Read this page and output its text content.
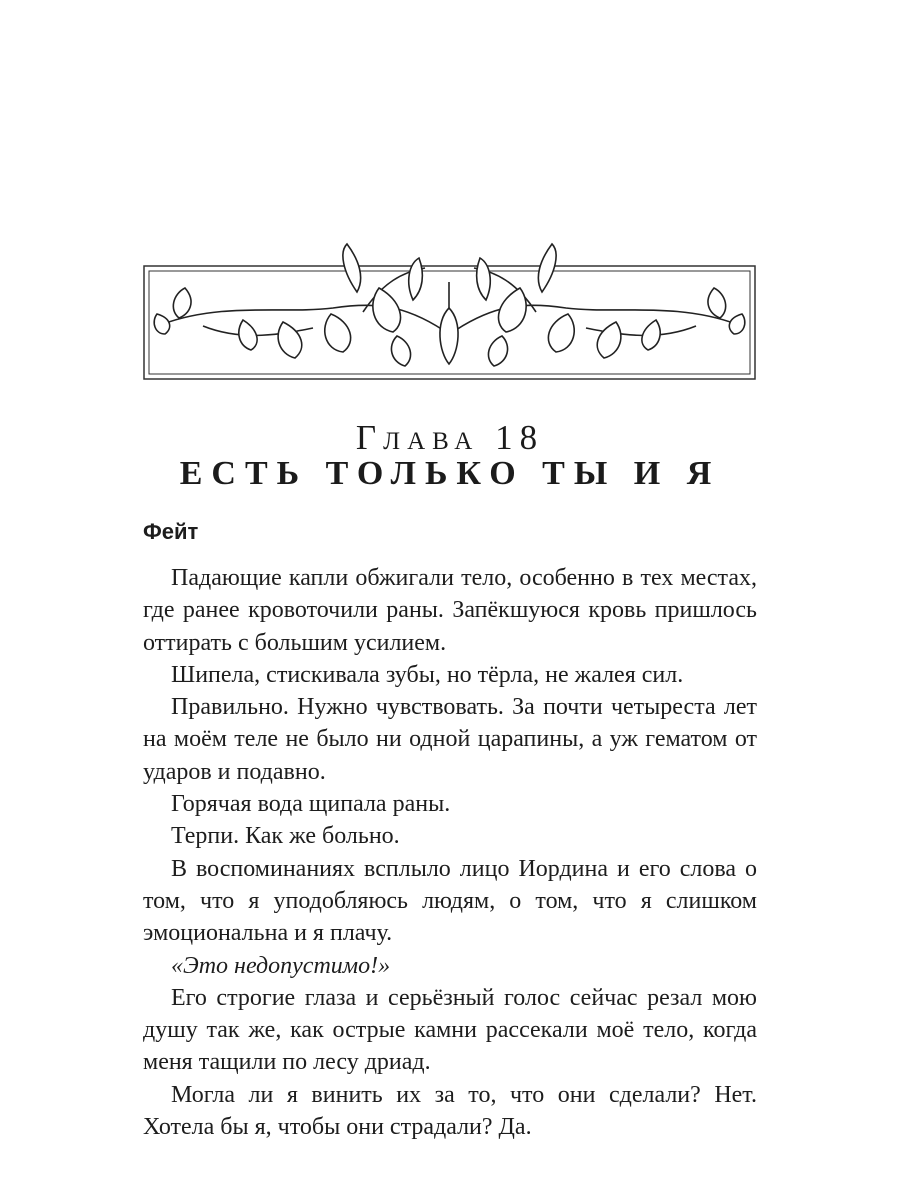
Глава 18
ЕСТЬ ТОЛЬКО ТЫ И Я
Фейт

Падающие капли обжигали тело, особенно в тех местах, где ранее кровоточили раны. Запёкшуюся кровь пришлось оттирать с большим усилием.

Шипела, стискивала зубы, но тёрла, не жалея сил.

Правильно. Нужно чувствовать. За почти четыреста лет на моём теле не было ни одной царапины, а уж гематом от ударов и подавно.

Горячая вода щипала раны.

Терпи. Как же больно.

В воспоминаниях всплыло лицо Иордина и его слова о том, что я уподобляюсь людям, о том, что я слишком эмоциональна и я плачу.

«Это недопустимо!»

Его строгие глаза и серьёзный голос сейчас резал мою душу так же, как острые камни рассекали моё тело, когда меня тащили по лесу дриад.

Могла ли я винить их за то, что они сделали? Нет. Хотела бы я, чтобы они страдали? Да.
